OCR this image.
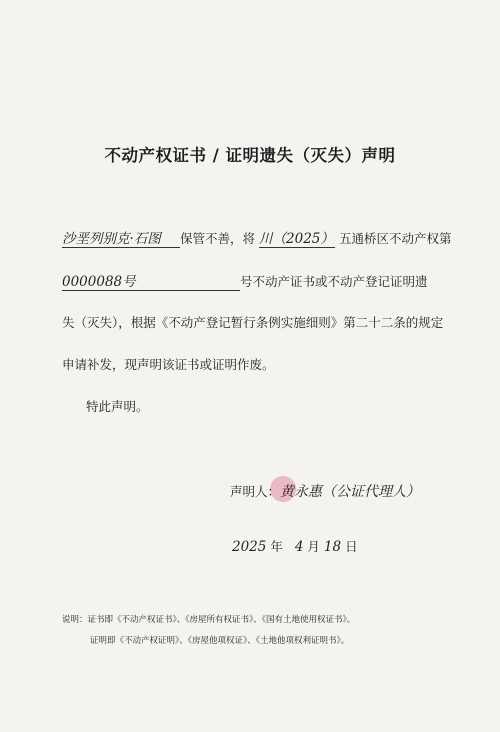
不动产权证书 / 证明遗失（灭失）声明
沙垩列别克·石图 保管不善，将 川（2025） 五通桥区不动产权第
0000088号	号不动产证书或不动产登记证明遗
失（灭失），根据《不动产登记暂行条例实施细则》第二十二条的规定
申请补发，现声明该证书或证明作废。
特此声明。
声明人：黄永惠（公证代理人）
2025 年 4 月 18 日
说明：证书即《不动产权证书》、《房屋所有权证书》、《国有土地使用权证书》。
证明即《不动产权证明》、《房屋他项权证》、《土地他项权利证明书》。
